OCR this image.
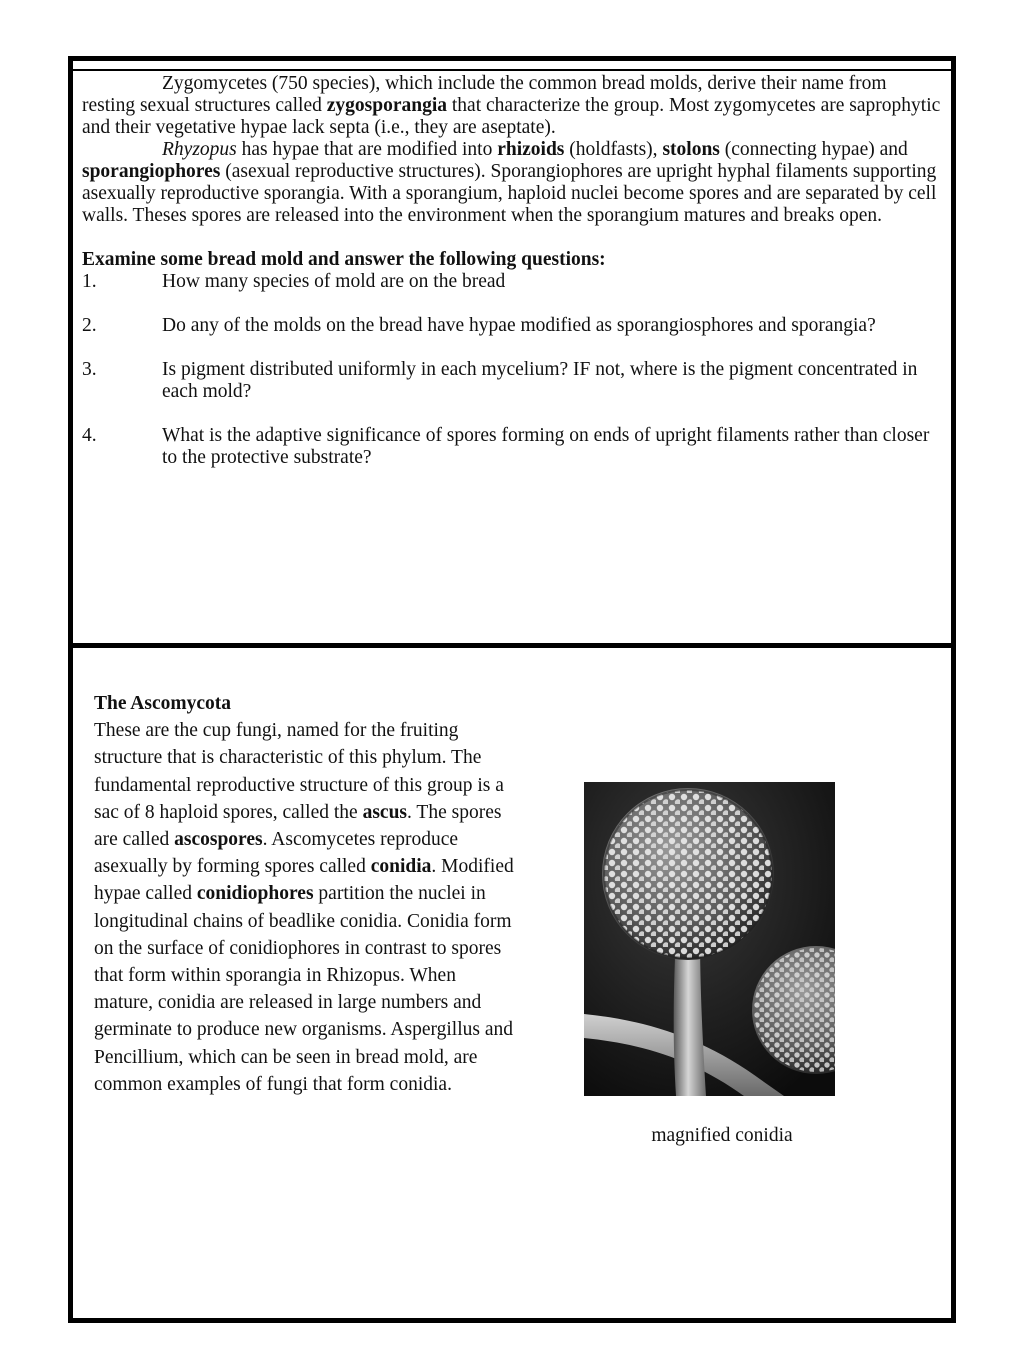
Zygomycetes (750 species), which include the common bread molds, derive their name from resting sexual structures called zygosporangia that characterize the group. Most zygomycetes are saprophytic and their vegetative hypae lack septa (i.e., they are aseptate).

Rhyzopus has hypae that are modified into rhizoids (holdfasts), stolons (connecting hypae) and sporangiophores (asexual reproductive structures). Sporangiophores are upright hyphal filaments supporting asexually reproductive sporangia. With a sporangium, haploid nuclei become spores and are separated by cell walls. Theses spores are released into the environment when the sporangium matures and breaks open.

Examine some bread mold and answer the following questions:

1.	How many species of mold are on the bread
2.	Do any of the molds on the bread have hypae modified as sporangiosphores and sporangia?
3.	Is pigment distributed uniformly in each mycelium? IF not, where is the pigment concentrated in each mold?
4.	What is the adaptive significance of spores forming on ends of upright filaments rather than closer to the protective substrate?

The Ascomycota

These are the cup fungi, named for the fruiting structure that is characteristic of this phylum. The fundamental reproductive structure of this group is a sac of 8 haploid spores, called the ascus. The spores are called ascospores. Ascomycetes reproduce asexually by forming spores called conidia. Modified hypae called conidiophores partition the nuclei in longitudinal chains of beadlike conidia. Conidia form on the surface of conidiophores in contrast to spores that form within sporangia in Rhizopus. When mature, conidia are released in large numbers and germinate to produce new organisms. Aspergillus and Pencillium, which can be seen in bread mold, are common examples of fungi that form conidia.

magnified conidia
